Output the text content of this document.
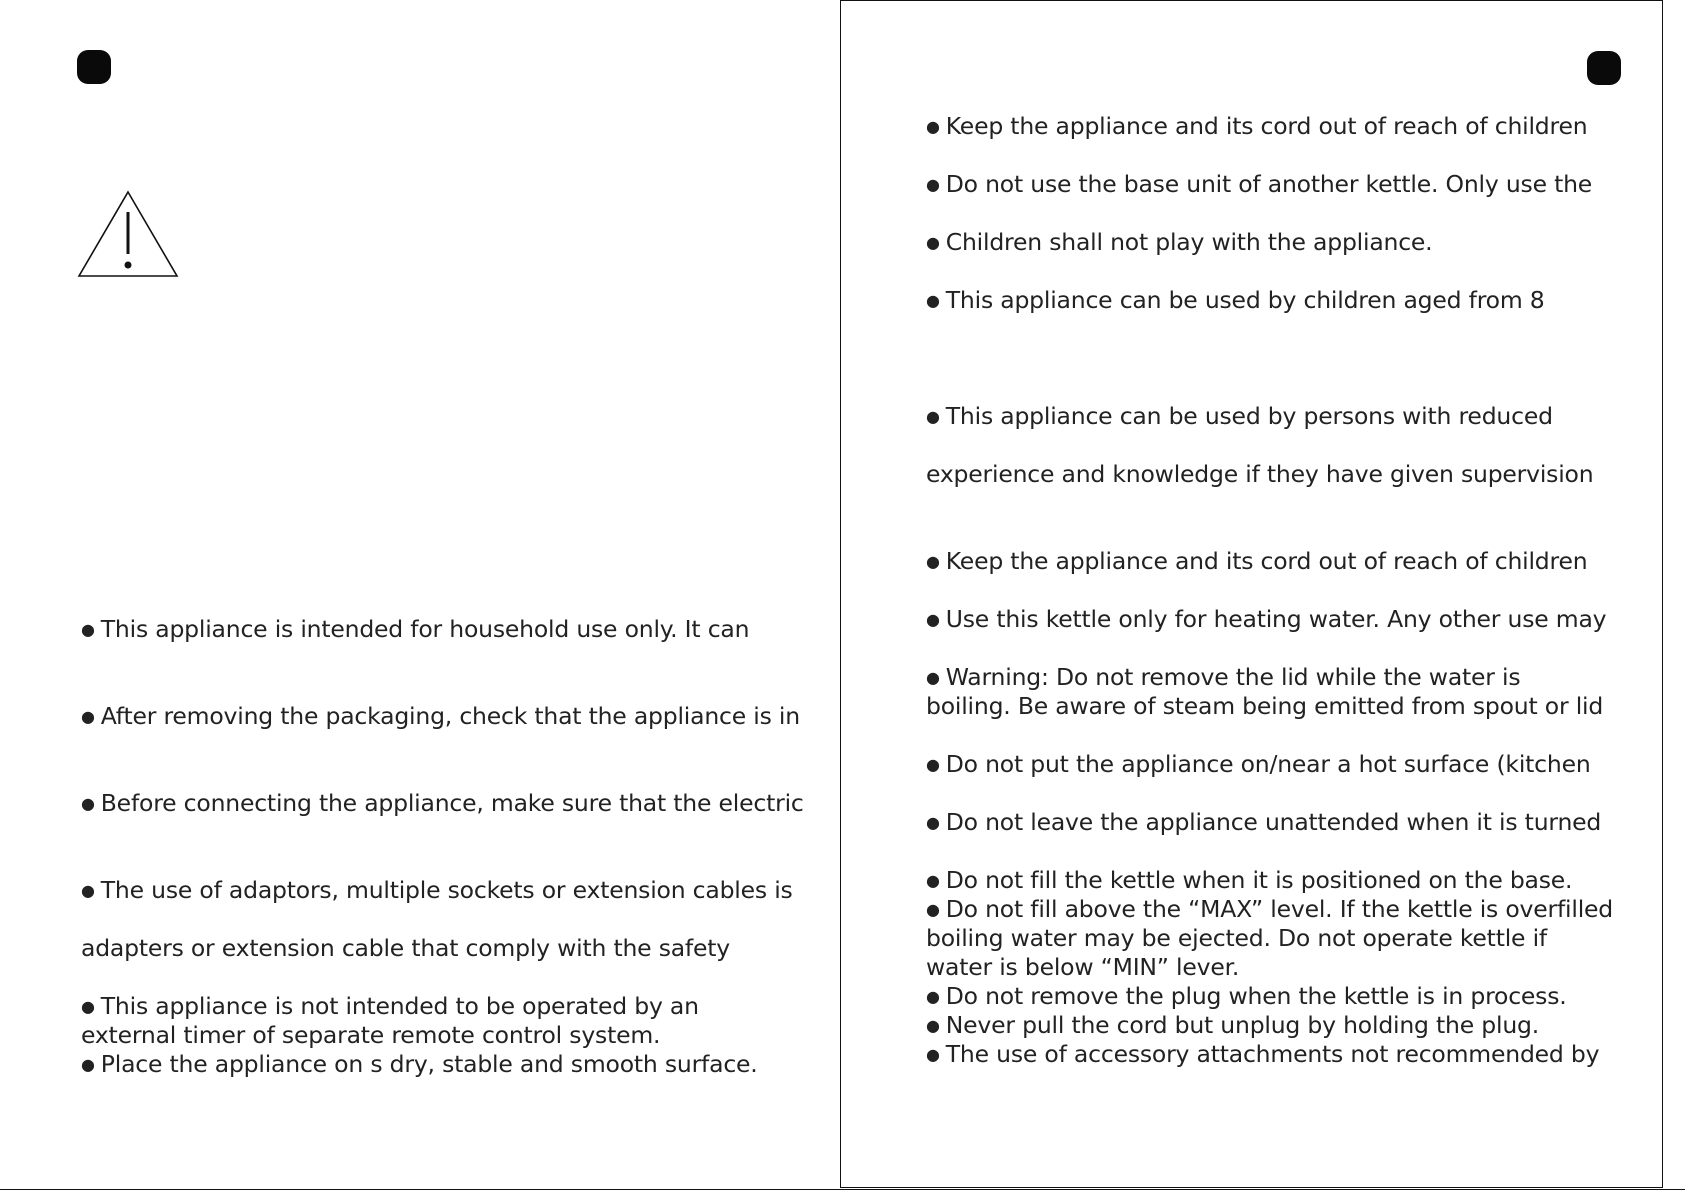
● This appliance is intended for household use only. It can
● After removing the packaging, check that the appliance is in
● Before connecting the appliance, make sure that the electric
● The use of adaptors, multiple sockets or extension cables is
adapters or extension cable that comply with the safety
● This appliance is not intended to be operated by an
external timer of separate remote control system.
● Place the appliance on s dry, stable and smooth surface.
● Keep the appliance and its cord out of reach of children
● Do not use the base unit of another kettle. Only use the
● Children shall not play with the appliance.
● This appliance can be used by children aged from 8
● This appliance can be used by persons with reduced
experience and knowledge if they have given supervision
● Keep the appliance and its cord out of reach of children
● Use this kettle only for heating water. Any other use may
● Warning: Do not remove the lid while the water is
boiling. Be aware of steam being emitted from spout or lid
● Do not put the appliance on/near a hot surface (kitchen
● Do not leave the appliance unattended when it is turned
● Do not fill the kettle when it is positioned on the base.
● Do not fill above the “MAX” level. If the kettle is overfilled
boiling water may be ejected. Do not operate kettle if
water is below “MIN” lever.
● Do not remove the plug when the kettle is in process.
● Never pull the cord but unplug by holding the plug.
● The use of accessory attachments not recommended by
